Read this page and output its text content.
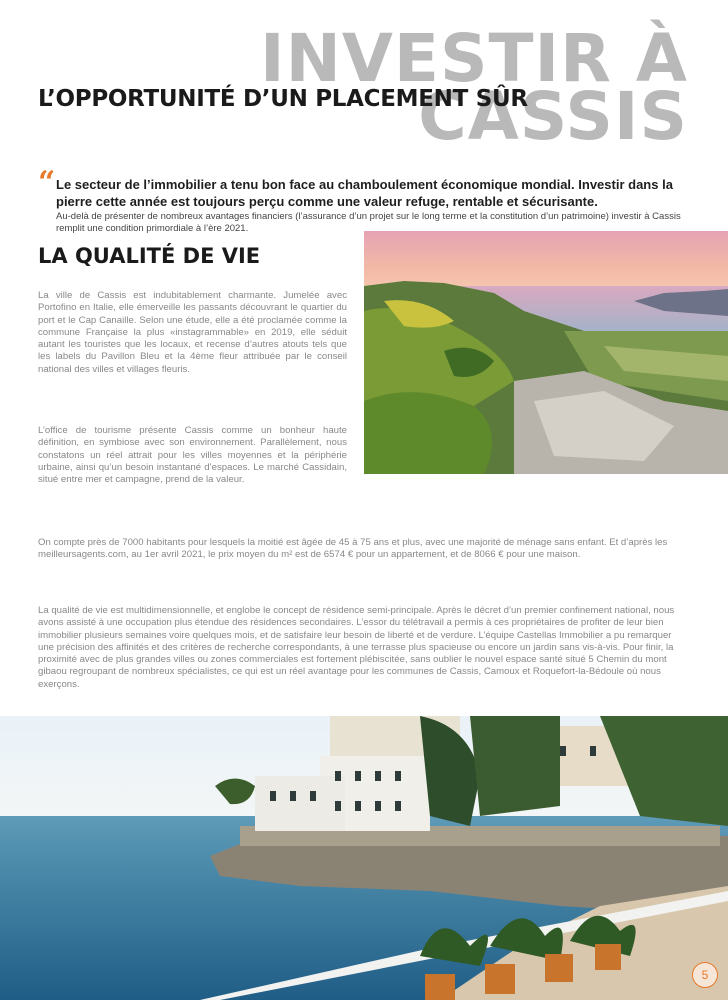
INVESTIR À
CASSIS
L’OPPORTUNITÉ D’UN PLACEMENT SÛR
“ Le secteur de l’immobilier a tenu bon face au chamboulement économique mondial. Investir dans la pierre cette année est toujours perçu comme une valeur refuge, rentable et sécurisante.
Au-delà de présenter de nombreux avantages financiers (l’assurance d’un projet sur le long terme et la constitution d’un patrimoine) investir à Cassis remplit une condition primordiale à l’ère 2021.
LA QUALITÉ DE VIE
La ville de Cassis est indubitablement charmante. Jumelée avec Portofino en Italie, elle émerveille les passants découvrant le quartier du port et le Cap Canaille. Selon une étude, elle a été proclamée comme la commune Française la plus «instagrammable» en 2019, elle séduit autant les touristes que les locaux, et recense d’autres atouts tels que les labels du Pavillon Bleu et la 4ème fleur attribuée par le conseil national des villes et villages fleuris.
L’office de tourisme présente Cassis comme un bonheur haute définition, en symbiose avec son environnement. Parallèlement, nous constatons un réel attrait pour les villes moyennes et la périphérie urbaine, ainsi qu’un besoin instantané d’espaces. Le marché Cassidain, situé entre mer et campagne, prend de la valeur.
On compte près de 7000 habitants pour lesquels la moitié est âgée de 45 à 75 ans et plus, avec une majorité de ménage sans enfant. Et d’après les meilleursagents.com, au 1er avril 2021, le prix moyen du m² est de 6574 € pour un appartement, et de 8066 € pour une maison.
La qualité de vie est multidimensionnelle, et englobe le concept de résidence semi-principale. Après le décret d’un premier confinement national, nous avons assisté à une occupation plus étendue des résidences secondaires. L’essor du télétravail a permis à ces propriétaires de profiter de leur bien immobilier plusieurs semaines voire quelques mois, et de satisfaire leur besoin de liberté et de verdure. L’équipe Castellas Immobilier a pu remarquer une précision des affinités et des critères de recherche correspondants, à une terrasse plus spacieuse ou encore un jardin sans vis-à-vis. Pour finir, la proximité avec de plus grandes villes ou zones commerciales est fortement plébiscitée, sans oublier le nouvel espace santé situé 5 Chemin du mont gibaou regroupant de nombreux spécialistes, ce qui est un réel avantage pour les communes de Cassis, Camoux et Roquefort-la-Bédoule où nous exerçons.
5
